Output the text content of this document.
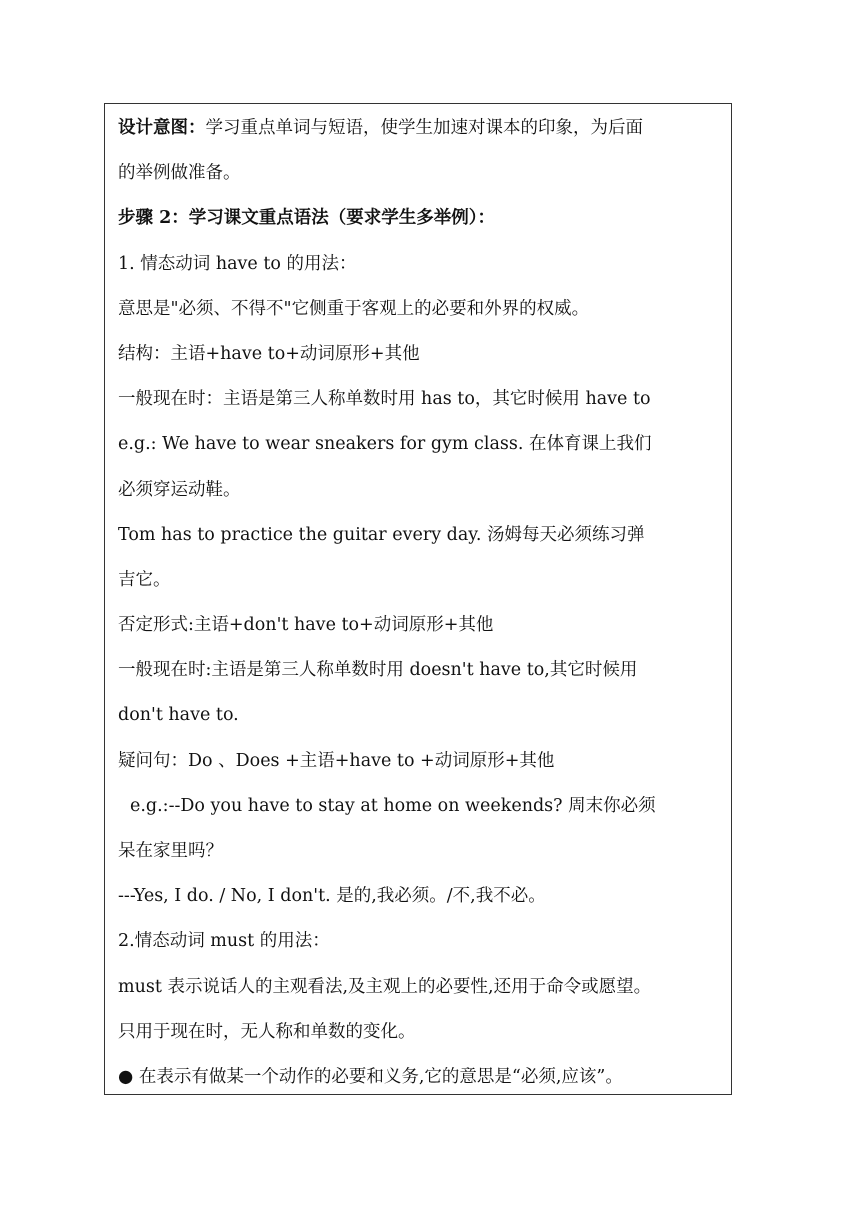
设计意图：学习重点单词与短语，使学生加速对课本的印象，为后面
的举例做准备。
步骤 2：学习课文重点语法（要求学生多举例）：
1. 情态动词 have to 的用法：
意思是"必须、不得不"它侧重于客观上的必要和外界的权威。
结构：主语+have to+动词原形+其他
一般现在时：主语是第三人称单数时用 has to，其它时候用 have to
e.g.: We have to wear sneakers for gym class. 在体育课上我们
必须穿运动鞋。
Tom has to practice the guitar every day. 汤姆每天必须练习弹
吉它。
否定形式:主语+don't have to+动词原形+其他
一般现在时:主语是第三人称单数时用 doesn't have to,其它时候用
don't have to.
疑问句：Do 、Does +主语+have to +动词原形+其他
e.g.:--Do you have to stay at home on weekends? 周末你必须
呆在家里吗？
---Yes, I do. / No, I don't. 是的,我必须。/不,我不必。
2.情态动词 must 的用法：
must 表示说话人的主观看法,及主观上的必要性,还用于命令或愿望。
只用于现在时，无人称和单数的变化。
● 在表示有做某一个动作的必要和义务,它的意思是“必须,应该”。
